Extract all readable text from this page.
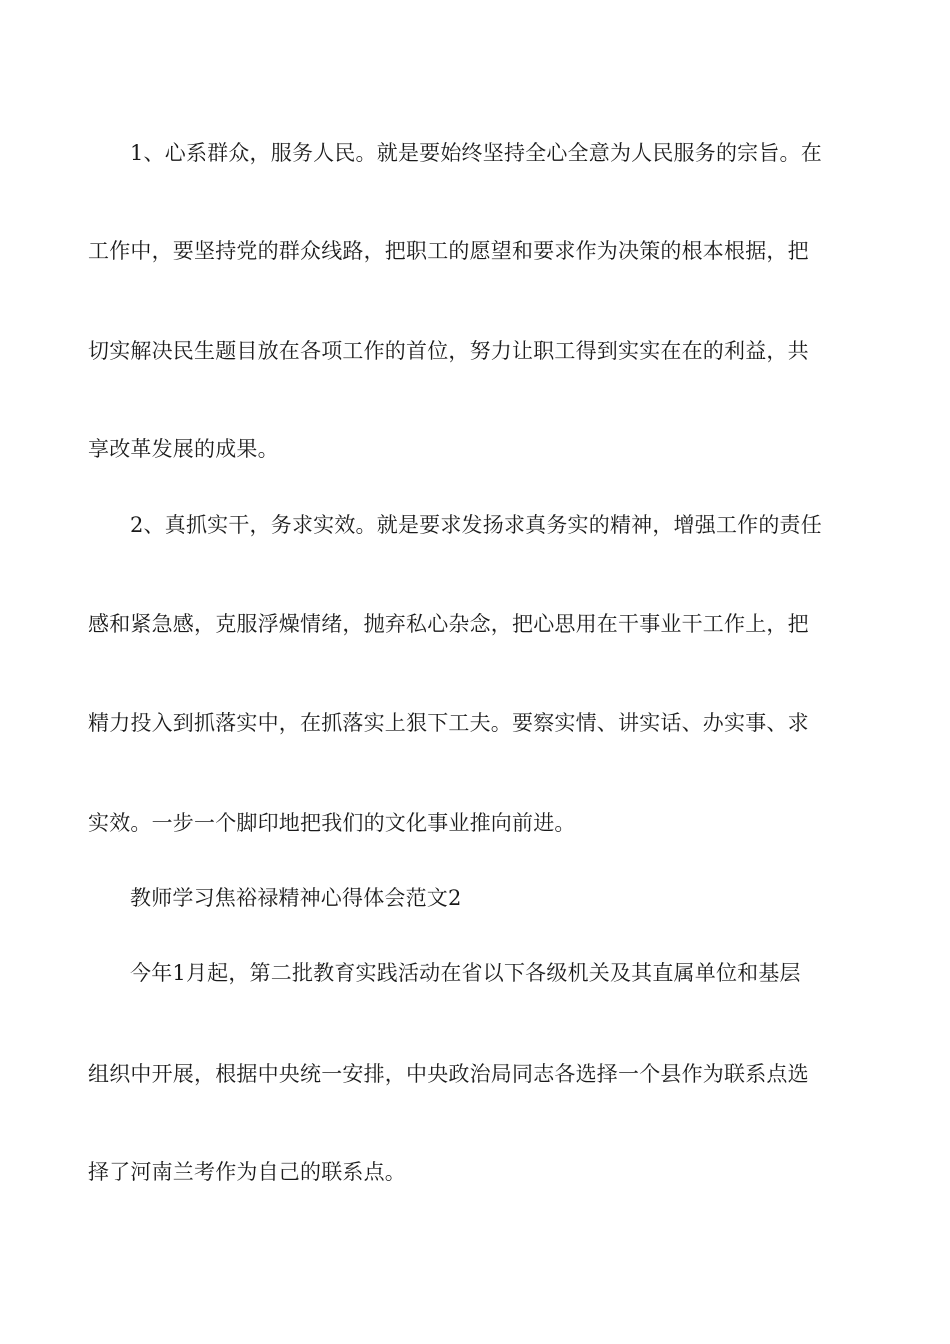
1、心系群众，服务人民。就是要始终坚持全心全意为人民服务的宗旨。在
工作中，要坚持党的群众线路，把职工的愿望和要求作为决策的根本根据，把
切实解决民生题目放在各项工作的首位，努力让职工得到实实在在的利益，共
享改革发展的成果。
2、真抓实干，务求实效。就是要求发扬求真务实的精神，增强工作的责任
感和紧急感，克服浮燥情绪，抛弃私心杂念，把心思用在干事业干工作上，把
精力投入到抓落实中，在抓落实上狠下工夫。要察实情、讲实话、办实事、求
实效。一步一个脚印地把我们的文化事业推向前进。
教师学习焦裕禄精神心得体会范文2
今年1月起，第二批教育实践活动在省以下各级机关及其直属单位和基层
组织中开展，根据中央统一安排，中央政治局同志各选择一个县作为联系点选
择了河南兰考作为自己的联系点。
